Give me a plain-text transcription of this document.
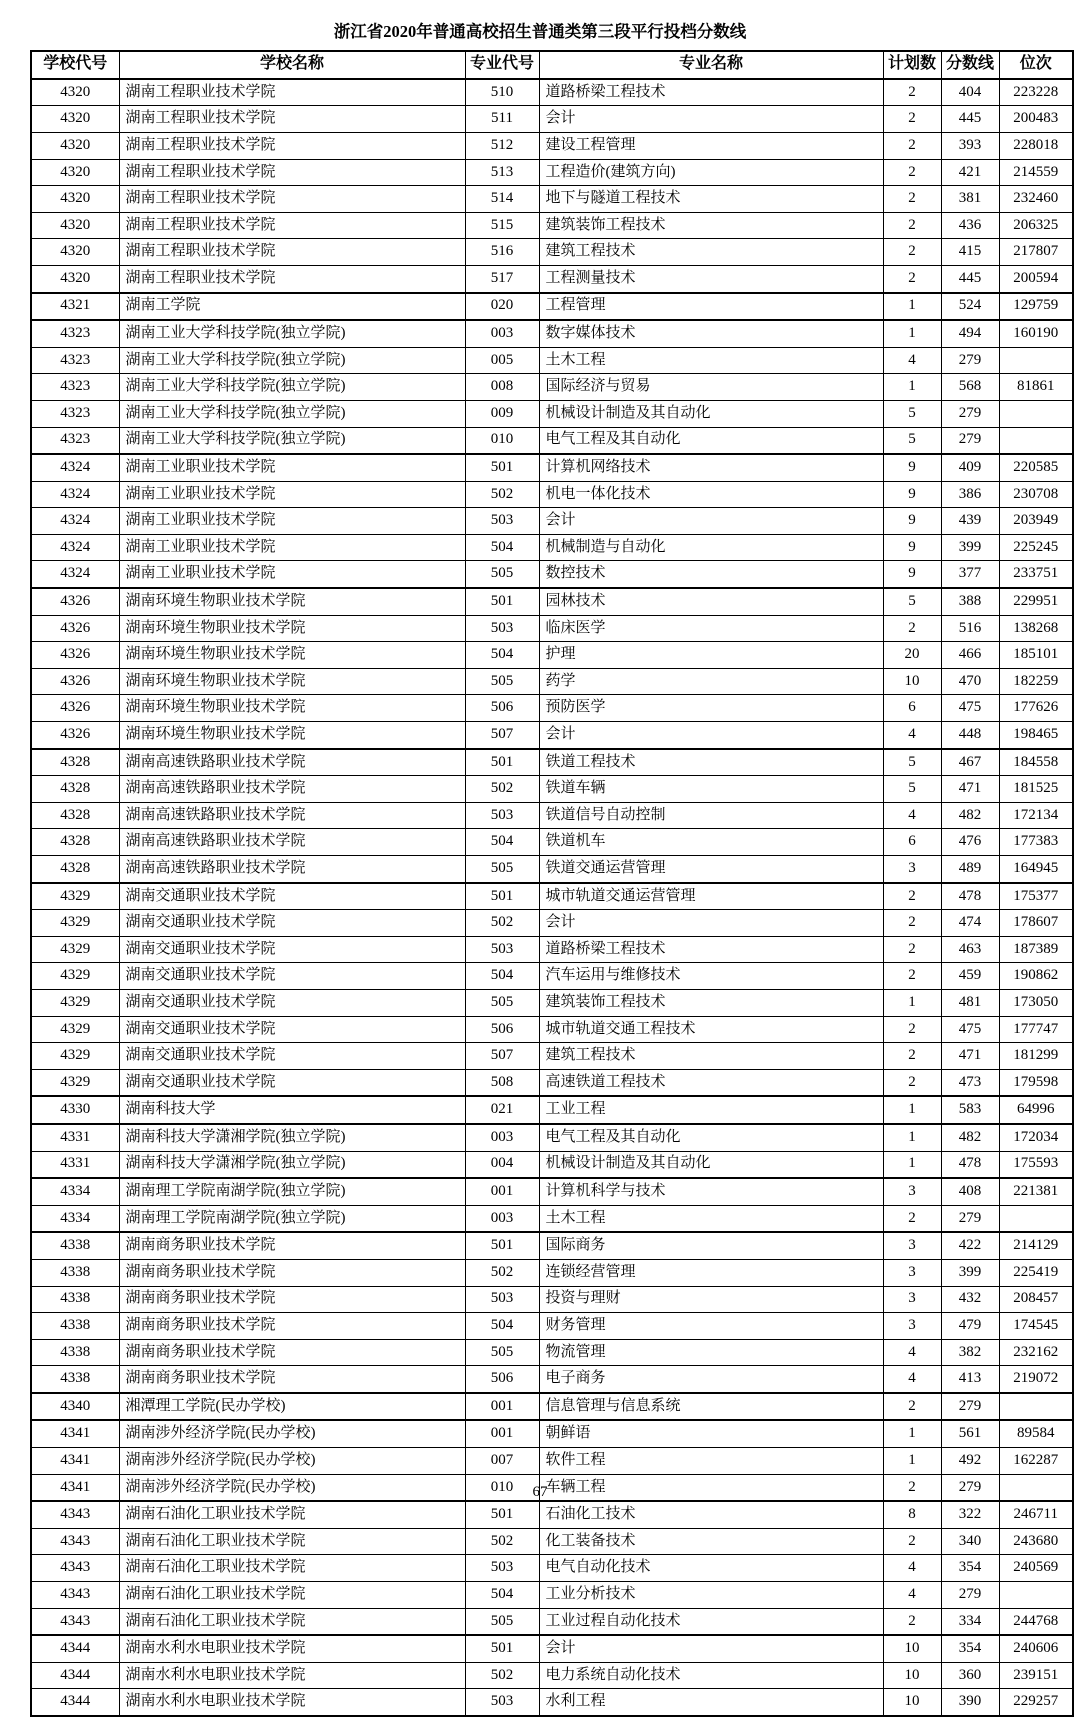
浙江省2020年普通高校招生普通类第三段平行投档分数线
学校代号	学校名称	专业代号	专业名称	计划数	分数线	位次
4320	湖南工程职业技术学院	510	道路桥梁工程技术	2	404	223228
4320	湖南工程职业技术学院	511	会计	2	445	200483
4320	湖南工程职业技术学院	512	建设工程管理	2	393	228018
4320	湖南工程职业技术学院	513	工程造价(建筑方向)	2	421	214559
4320	湖南工程职业技术学院	514	地下与隧道工程技术	2	381	232460
4320	湖南工程职业技术学院	515	建筑装饰工程技术	2	436	206325
4320	湖南工程职业技术学院	516	建筑工程技术	2	415	217807
4320	湖南工程职业技术学院	517	工程测量技术	2	445	200594
4321	湖南工学院	020	工程管理	1	524	129759
4323	湖南工业大学科技学院(独立学院)	003	数字媒体技术	1	494	160190
4323	湖南工业大学科技学院(独立学院)	005	土木工程	4	279	
4323	湖南工业大学科技学院(独立学院)	008	国际经济与贸易	1	568	81861
4323	湖南工业大学科技学院(独立学院)	009	机械设计制造及其自动化	5	279	
4323	湖南工业大学科技学院(独立学院)	010	电气工程及其自动化	5	279	
4324	湖南工业职业技术学院	501	计算机网络技术	9	409	220585
4324	湖南工业职业技术学院	502	机电一体化技术	9	386	230708
4324	湖南工业职业技术学院	503	会计	9	439	203949
4324	湖南工业职业技术学院	504	机械制造与自动化	9	399	225245
4324	湖南工业职业技术学院	505	数控技术	9	377	233751
4326	湖南环境生物职业技术学院	501	园林技术	5	388	229951
4326	湖南环境生物职业技术学院	503	临床医学	2	516	138268
4326	湖南环境生物职业技术学院	504	护理	20	466	185101
4326	湖南环境生物职业技术学院	505	药学	10	470	182259
4326	湖南环境生物职业技术学院	506	预防医学	6	475	177626
4326	湖南环境生物职业技术学院	507	会计	4	448	198465
4328	湖南高速铁路职业技术学院	501	铁道工程技术	5	467	184558
4328	湖南高速铁路职业技术学院	502	铁道车辆	5	471	181525
4328	湖南高速铁路职业技术学院	503	铁道信号自动控制	4	482	172134
4328	湖南高速铁路职业技术学院	504	铁道机车	6	476	177383
4328	湖南高速铁路职业技术学院	505	铁道交通运营管理	3	489	164945
4329	湖南交通职业技术学院	501	城市轨道交通运营管理	2	478	175377
4329	湖南交通职业技术学院	502	会计	2	474	178607
4329	湖南交通职业技术学院	503	道路桥梁工程技术	2	463	187389
4329	湖南交通职业技术学院	504	汽车运用与维修技术	2	459	190862
4329	湖南交通职业技术学院	505	建筑装饰工程技术	1	481	173050
4329	湖南交通职业技术学院	506	城市轨道交通工程技术	2	475	177747
4329	湖南交通职业技术学院	507	建筑工程技术	2	471	181299
4329	湖南交通职业技术学院	508	高速铁道工程技术	2	473	179598
4330	湖南科技大学	021	工业工程	1	583	64996
4331	湖南科技大学潇湘学院(独立学院)	003	电气工程及其自动化	1	482	172034
4331	湖南科技大学潇湘学院(独立学院)	004	机械设计制造及其自动化	1	478	175593
4334	湖南理工学院南湖学院(独立学院)	001	计算机科学与技术	3	408	221381
4334	湖南理工学院南湖学院(独立学院)	003	土木工程	2	279	
4338	湖南商务职业技术学院	501	国际商务	3	422	214129
4338	湖南商务职业技术学院	502	连锁经营管理	3	399	225419
4338	湖南商务职业技术学院	503	投资与理财	3	432	208457
4338	湖南商务职业技术学院	504	财务管理	3	479	174545
4338	湖南商务职业技术学院	505	物流管理	4	382	232162
4338	湖南商务职业技术学院	506	电子商务	4	413	219072
4340	湘潭理工学院(民办学校)	001	信息管理与信息系统	2	279	
4341	湖南涉外经济学院(民办学校)	001	朝鲜语	1	561	89584
4341	湖南涉外经济学院(民办学校)	007	软件工程	1	492	162287
4341	湖南涉外经济学院(民办学校)	010	车辆工程	2	279	
4343	湖南石油化工职业技术学院	501	石油化工技术	8	322	246711
4343	湖南石油化工职业技术学院	502	化工装备技术	2	340	243680
4343	湖南石油化工职业技术学院	503	电气自动化技术	4	354	240569
4343	湖南石油化工职业技术学院	504	工业分析技术	4	279	
4343	湖南石油化工职业技术学院	505	工业过程自动化技术	2	334	244768
4344	湖南水利水电职业技术学院	501	会计	10	354	240606
4344	湖南水利水电职业技术学院	502	电力系统自动化技术	10	360	239151
4344	湖南水利水电职业技术学院	503	水利工程	10	390	229257
67
